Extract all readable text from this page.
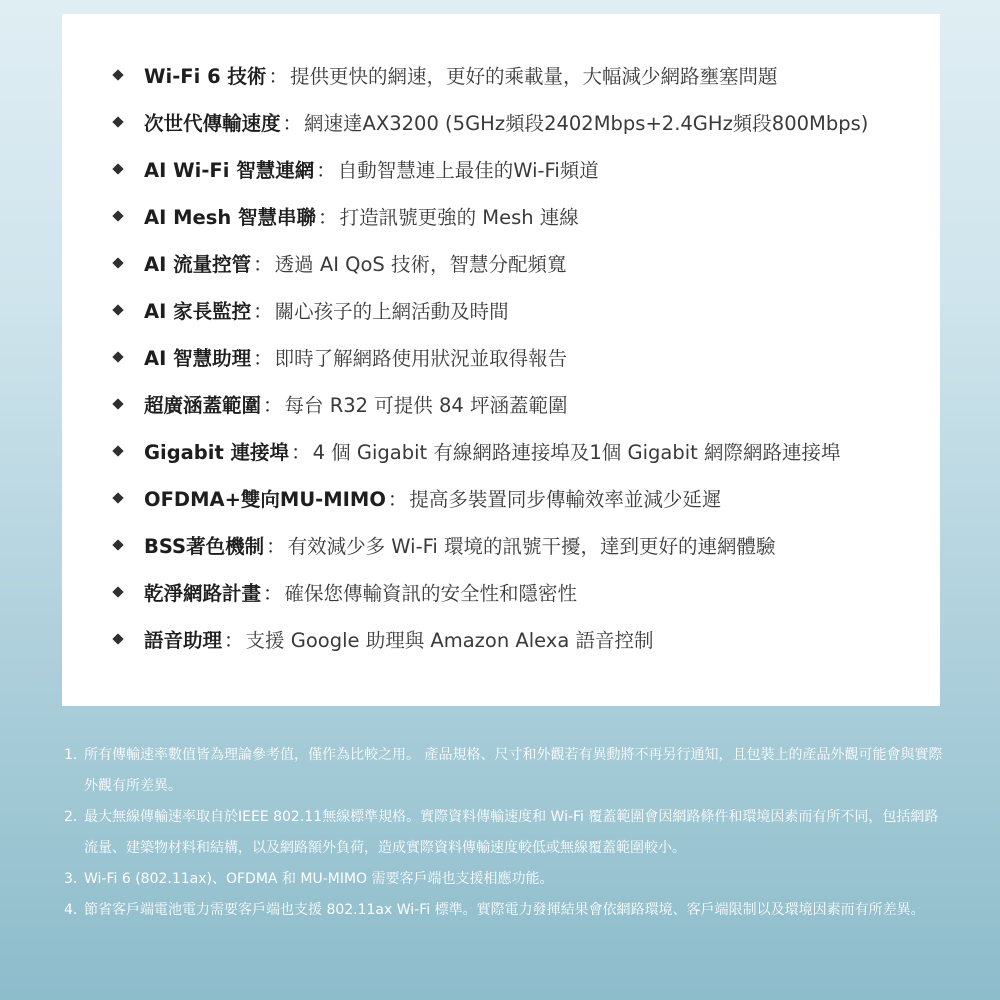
Wi-Fi 6 技術 ： 提供更快的網速，更好的乘載量，大幅減少網路壅塞問題
次世代傳輸速度 ： 網速達AX3200 (5GHz頻段2402Mbps+2.4GHz頻段800Mbps)
AI Wi-Fi 智慧連網 ： 自動智慧連上最佳的Wi-Fi頻道
AI Mesh 智慧串聯 ： 打造訊號更強的 Mesh 連線
AI 流量控管 ： 透過 AI QoS 技術，智慧分配頻寬
AI 家長監控 ： 關心孩子的上網活動及時間
AI 智慧助理 ： 即時了解網路使用狀況並取得報告
超廣涵蓋範圍 ： 每台 R32 可提供 84 坪涵蓋範圍
Gigabit 連接埠 ： 4 個 Gigabit 有線網路連接埠及1個 Gigabit 網際網路連接埠
OFDMA+雙向MU-MIMO ： 提高多裝置同步傳輸效率並減少延遲
BSS著色機制 ： 有效減少多 Wi-Fi 環境的訊號干擾，達到更好的連網體驗
乾淨網路計畫 ： 確保您傳輸資訊的安全性和隱密性
語音助理 ： 支援 Google 助理與 Amazon Alexa 語音控制
1. 所有傳輸速率數值皆為理論參考值，僅作為比較之用。 產品規格、尺寸和外觀若有異動將不再另行通知，且包裝上的產品外觀可能會與實際外觀有所差異。
2. 最大無線傳輸速率取自於IEEE 802.11無線標準規格。實際資料傳輸速度和 Wi-Fi 覆蓋範圍會因網路條件和環境因素而有所不同，包括網路流量、建築物材料和結構，以及網路額外負荷，造成實際資料傳輸速度較低或無線覆蓋範圍較小。
3. Wi-Fi 6 (802.11ax)、OFDMA 和 MU-MIMO 需要客戶端也支援相應功能。
4. 節省客戶端電池電力需要客戶端也支援 802.11ax Wi-Fi 標準。實際電力發揮結果會依網路環境、客戶端限制以及環境因素而有所差異。
